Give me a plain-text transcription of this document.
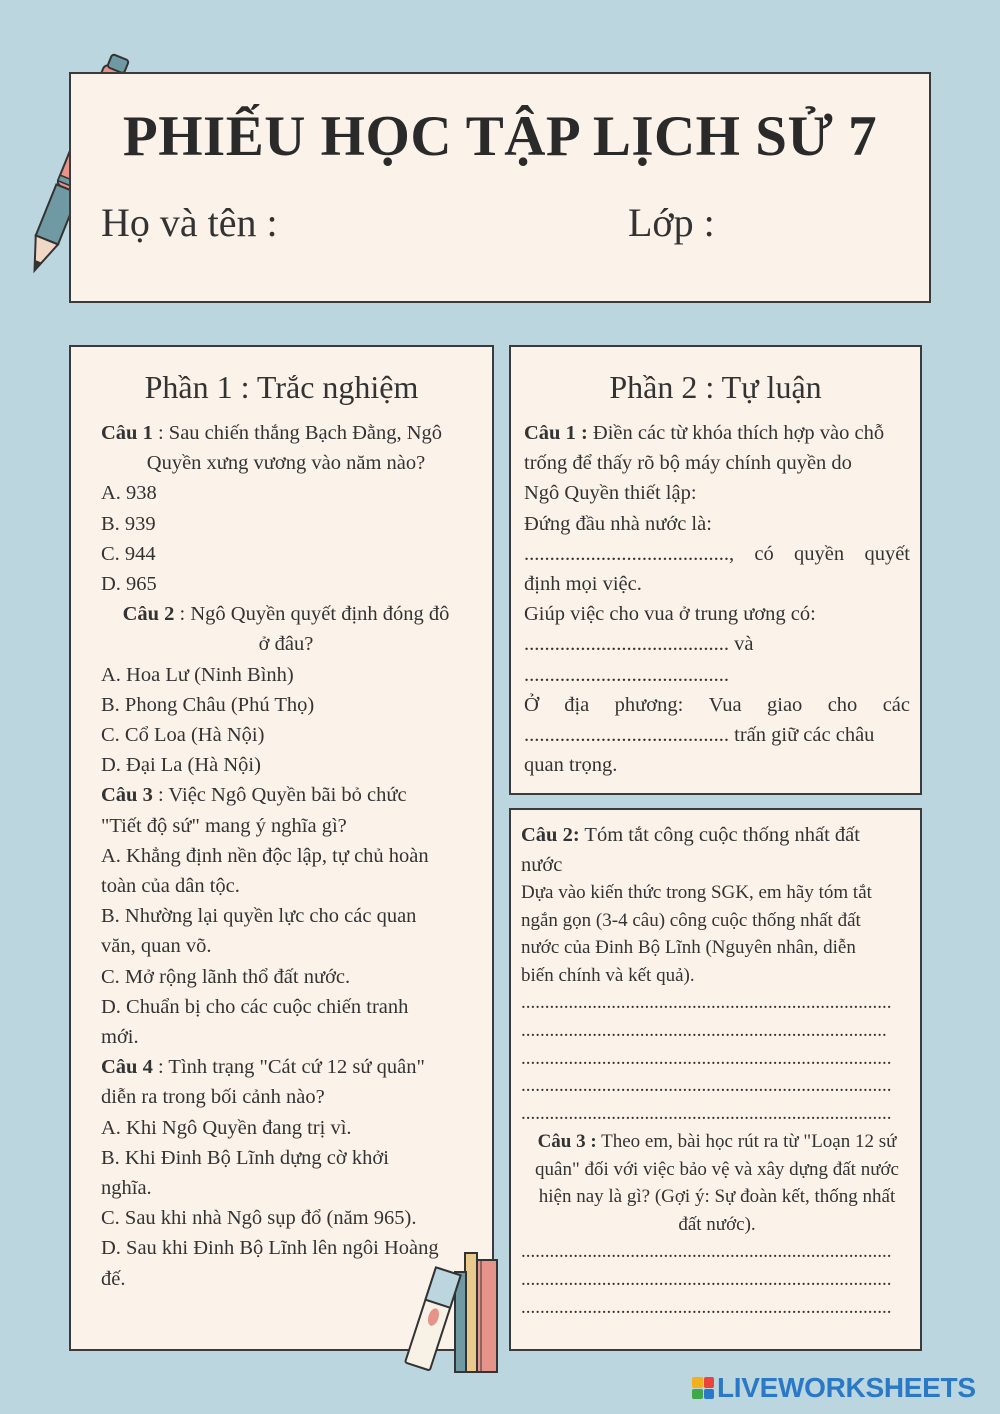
PHIẾU HỌC TẬP LỊCH SỬ 7
Họ và tên :	Lớp :
Phần 1 : Trắc nghiệm
Câu 1 : Sau chiến thắng Bạch Đằng, Ngô
Quyền xưng vương vào năm nào?
A. 938
B. 939
C. 944
D. 965
Câu 2 : Ngô Quyền quyết định đóng đô
ở đâu?
A. Hoa Lư (Ninh Bình)
B. Phong Châu (Phú Thọ)
C. Cổ Loa (Hà Nội)
D. Đại La (Hà Nội)
Câu 3 : Việc Ngô Quyền bãi bỏ chức
"Tiết độ sứ" mang ý nghĩa gì?
A. Khẳng định nền độc lập, tự chủ hoàn
toàn của dân tộc.
B. Nhường lại quyền lực cho các quan
văn, quan võ.
C. Mở rộng lãnh thổ đất nước.
D. Chuẩn bị cho các cuộc chiến tranh
mới.
Câu 4 : Tình trạng "Cát cứ 12 sứ quân"
diễn ra trong bối cảnh nào?
A. Khi Ngô Quyền đang trị vì.
B. Khi Đinh Bộ Lĩnh dựng cờ khởi
nghĩa.
C. Sau khi nhà Ngô sụp đổ (năm 965).
D. Sau khi Đinh Bộ Lĩnh lên ngôi Hoàng
đế.
Phần 2 : Tự luận
Câu 1 : Điền các từ khóa thích hợp vào chỗ
trống để thấy rõ bộ máy chính quyền do
Ngô Quyền thiết lập:
Đứng đầu nhà nước là:
........................................, có quyền quyết
định mọi việc.
Giúp việc cho vua ở trung ương có:
........................................ và
........................................
Ở địa phương: Vua giao cho các
........................................ trấn giữ các châu
quan trọng.
Câu 2: Tóm tắt công cuộc thống nhất đất
nước
Dựa vào kiến thức trong SGK, em hãy tóm tắt
ngắn gọn (3-4 câu) công cuộc thống nhất đất
nước của Đinh Bộ Lĩnh (Nguyên nhân, diễn
biến chính và kết quả).
..............................................................................
.............................................................................
..............................................................................
..............................................................................
..............................................................................
Câu 3 : Theo em, bài học rút ra từ "Loạn 12 sứ
quân" đối với việc bảo vệ và xây dựng đất nước
hiện nay là gì? (Gợi ý: Sự đoàn kết, thống nhất
đất nước).
..............................................................................
..............................................................................
..............................................................................
LIVEWORKSHEETS
